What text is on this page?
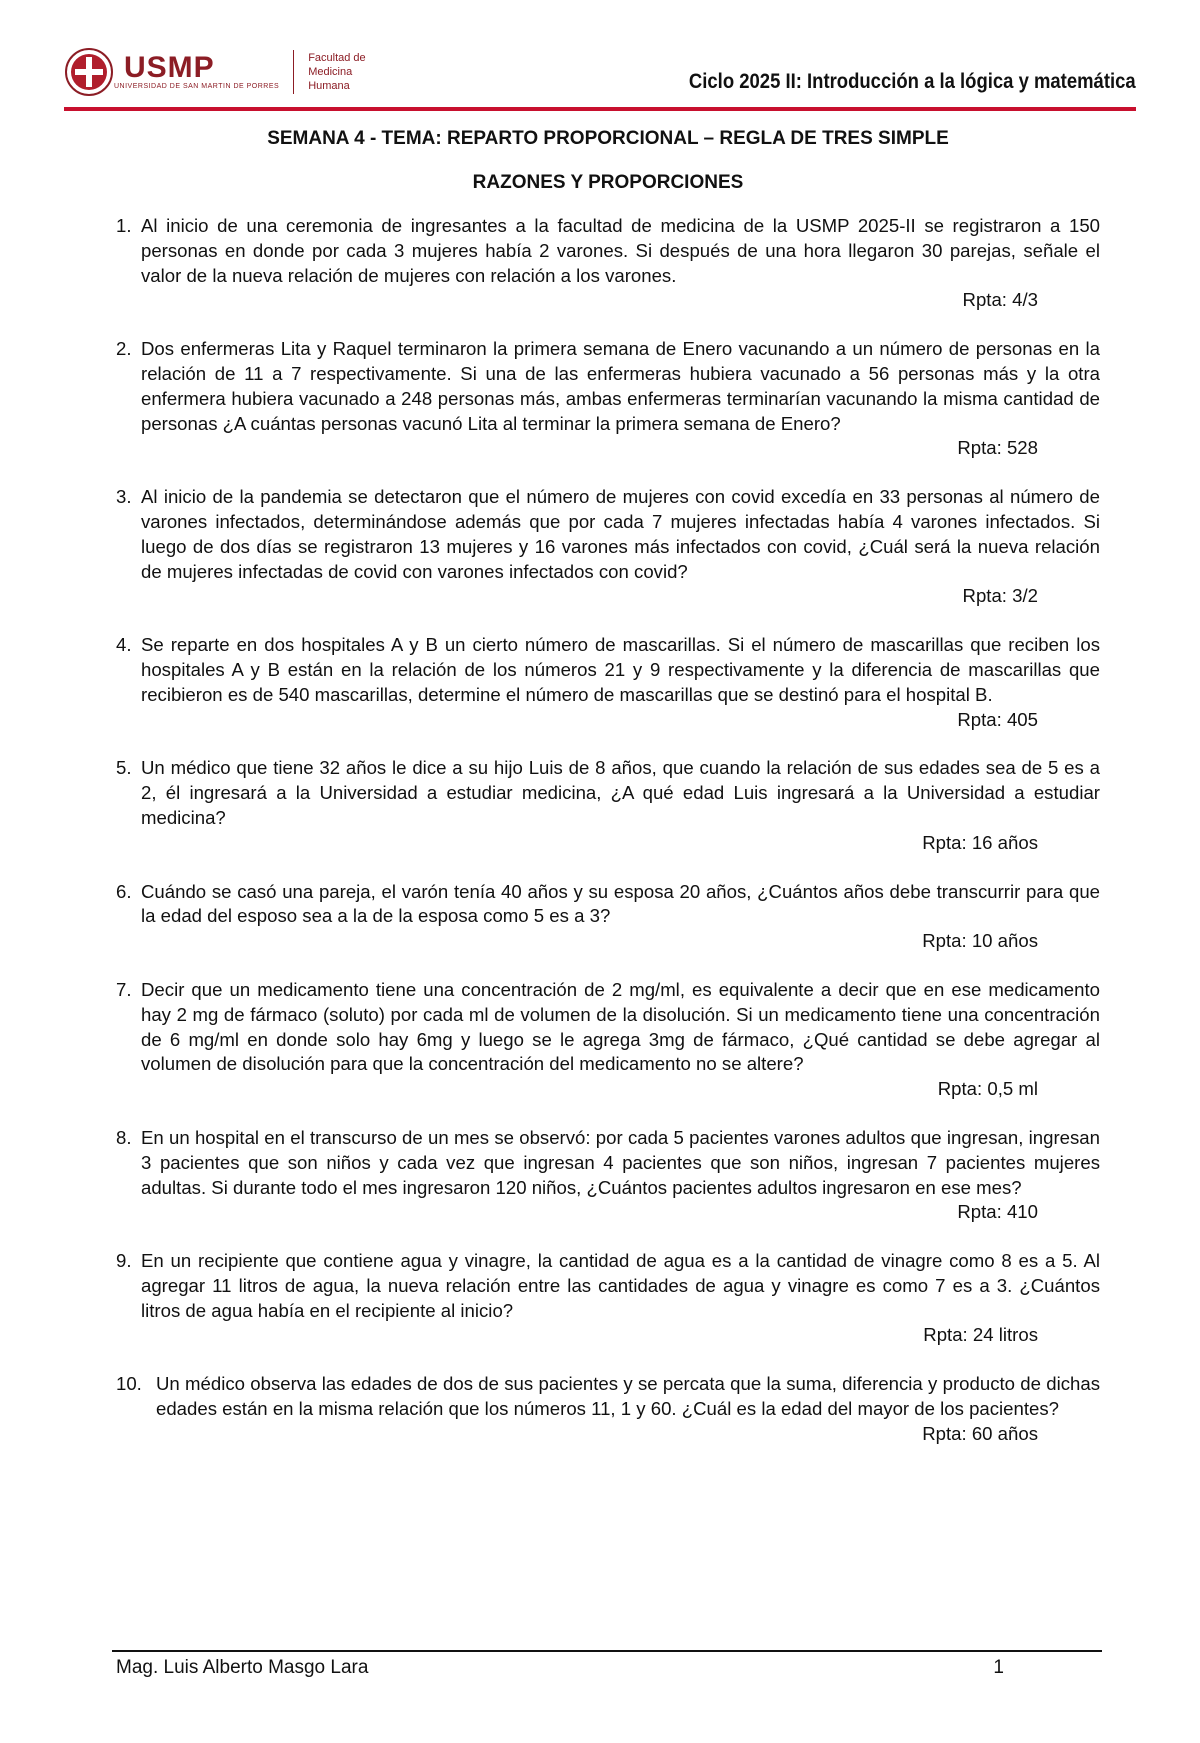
USMP
UNIVERSIDAD DE SAN MARTIN DE PORRES
Facultad de
Medicina
Humana	Ciclo 2025 II: Introducción a la lógica y matemática
SEMANA 4 - TEMA: REPARTO PROPORCIONAL – REGLA DE TRES SIMPLE
RAZONES Y PROPORCIONES
1. Al inicio de una ceremonia de ingresantes a la facultad de medicina de la USMP 2025-II se registraron a 150 personas en donde por cada 3 mujeres había 2 varones. Si después de una hora llegaron 30 parejas, señale el valor de la nueva relación de mujeres con relación a los varones.
Rpta: 4/3
2. Dos enfermeras Lita y Raquel terminaron la primera semana de Enero vacunando a un número de personas en la relación de 11 a 7 respectivamente. Si una de las enfermeras hubiera vacunado a 56 personas más y la otra enfermera hubiera vacunado a 248 personas más, ambas enfermeras terminarían vacunando la misma cantidad de personas ¿A cuántas personas vacunó Lita al terminar la primera semana de Enero?
Rpta: 528
3. Al inicio de la pandemia se detectaron que el número de mujeres con covid excedía en 33 personas al número de varones infectados, determinándose además que por cada 7 mujeres infectadas había 4 varones infectados. Si luego de dos días se registraron 13 mujeres y 16 varones más infectados con covid, ¿Cuál será la nueva relación de mujeres infectadas de covid con varones infectados con covid?
Rpta: 3/2
4. Se reparte en dos hospitales A y B un cierto número de mascarillas. Si el número de mascarillas que reciben los hospitales A y B están en la relación de los números 21 y 9 respectivamente y la diferencia de mascarillas que recibieron es de 540 mascarillas, determine el número de mascarillas que se destinó para el hospital B.
Rpta: 405
5. Un médico que tiene 32 años le dice a su hijo Luis de 8 años, que cuando la relación de sus edades sea de 5 es a 2, él ingresará a la Universidad a estudiar medicina, ¿A qué edad Luis ingresará a la Universidad a estudiar medicina?
Rpta: 16 años
6. Cuándo se casó una pareja, el varón tenía 40 años y su esposa 20 años, ¿Cuántos años debe transcurrir para que la edad del esposo sea a la de la esposa como 5 es a 3?
Rpta: 10 años
7. Decir que un medicamento tiene una concentración de 2 mg/ml, es equivalente a decir que en ese medicamento hay 2 mg de fármaco (soluto) por cada ml de volumen de la disolución. Si un medicamento tiene una concentración de 6 mg/ml en donde solo hay 6mg y luego se le agrega 3mg de fármaco, ¿Qué cantidad se debe agregar al volumen de disolución para que la concentración del medicamento no se altere?
Rpta: 0,5 ml
8. En un hospital en el transcurso de un mes se observó: por cada 5 pacientes varones adultos que ingresan, ingresan 3 pacientes que son niños y cada vez que ingresan 4 pacientes que son niños, ingresan 7 pacientes mujeres adultas. Si durante todo el mes ingresaron 120 niños, ¿Cuántos pacientes adultos ingresaron en ese mes?
Rpta: 410
9. En un recipiente que contiene agua y vinagre, la cantidad de agua es a la cantidad de vinagre como 8 es a 5. Al agregar 11 litros de agua, la nueva relación entre las cantidades de agua y vinagre es como 7 es a 3. ¿Cuántos litros de agua había en el recipiente al inicio?
Rpta: 24 litros
10. Un médico observa las edades de dos de sus pacientes y se percata que la suma, diferencia y producto de dichas edades están en la misma relación que los números 11, 1 y 60. ¿Cuál es la edad del mayor de los pacientes?
Rpta: 60 años
Mag. Luis Alberto Masgo Lara	1
